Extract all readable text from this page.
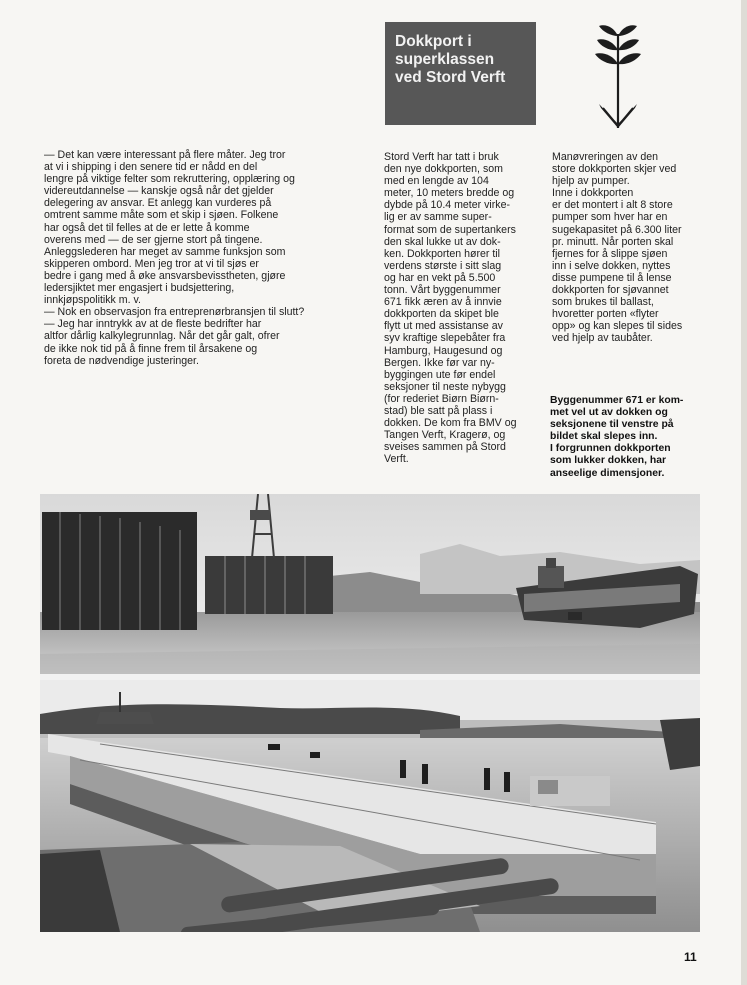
Dokkport i
superklassen
ved Stord Verft
— Det kan være interessant på flere måter. Jeg tror
at vi i shipping i den senere tid er nådd en del
lengre på viktige felter som rekruttering, opplæring og
videreutdannelse — kanskje også når det gjelder
delegering av ansvar. Et anlegg kan vurderes på
omtrent samme måte som et skip i sjøen. Folkene
har også det til felles at de er lette å komme
overens med — de ser gjerne stort på tingene.
Anleggslederen har meget av samme funksjon som
skipperen ombord. Men jeg tror at vi til sjøs er
bedre i gang med å øke ansvarsbevisstheten, gjøre
ledersjiktet mer engasjert i budsjettering,
innkjøpspolitikk m. v.
— Nok en observasjon fra entreprenørbransjen til slutt?
— Jeg har inntrykk av at de fleste bedrifter har
altfor dårlig kalkylegrunnlag. Når det går galt, ofrer
de ikke nok tid på å finne frem til årsakene og
foreta de nødvendige justeringer.
Stord Verft har tatt i bruk
den nye dokkporten, som
med en lengde av 104
meter, 10 meters bredde og
dybde på 10.4 meter virke-
lig er av samme super-
format som de supertankers
den skal lukke ut av dok-
ken. Dokkporten hører til
verdens største i sitt slag
og har en vekt på 5.500
tonn. Vårt byggenummer
671 fikk æren av å innvie
dokkporten da skipet ble
flytt ut med assistanse av
syv kraftige slepebåter fra
Hamburg, Haugesund og
Bergen. Ikke før var ny-
byggingen ute før endel
seksjoner til neste nybygg
(for rederiet Biørn Biørn-
stad) ble satt på plass i
dokken. De kom fra BMV og
Tangen Verft, Kragerø, og
sveises sammen på Stord
Verft.
Manøvreringen av den
store dokkporten skjer ved
hjelp av pumper.
Inne i dokkporten
er det montert i alt 8 store
pumper som hver har en
sugekapasitet på 6.300 liter
pr. minutt. Når porten skal
fjernes for å slippe sjøen
inn i selve dokken, nyttes
disse pumpene til å lense
dokkporten for sjøvannet
som brukes til ballast,
hvoretter porten «flyter
opp» og kan slepes til sides
ved hjelp av taubåter.
Byggenummer 671 er kom-
met vel ut av dokken og
seksjonene til venstre på
bildet skal slepes inn.
I forgrunnen dokkporten
som lukker dokken, har
anseelige dimensjoner.
11
